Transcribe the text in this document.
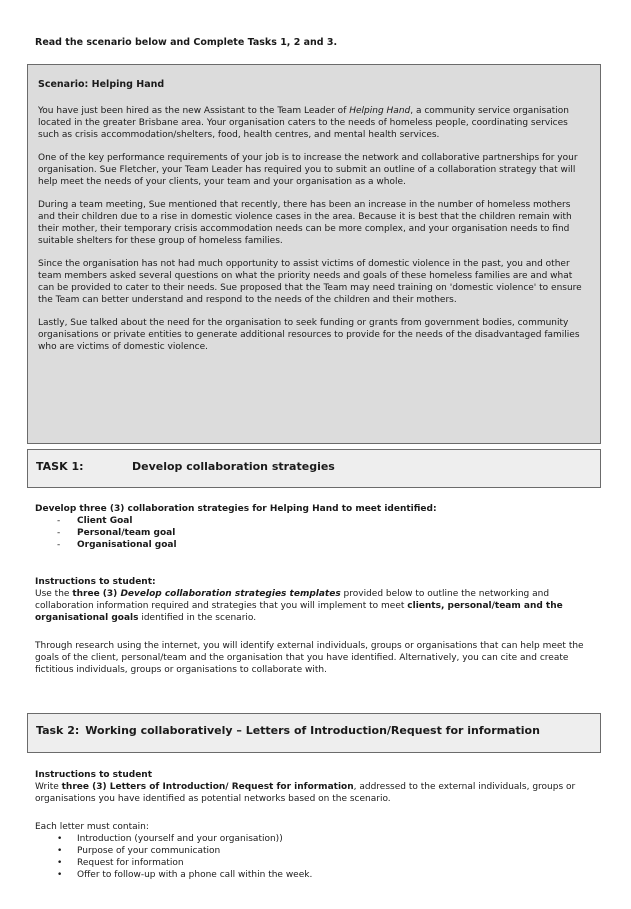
Read the scenario below and Complete Tasks 1, 2 and 3.
Scenario: Helping Hand

You have just been hired as the new Assistant to the Team Leader of Helping Hand, a community service organisation located in the greater Brisbane area. Your organisation caters to the needs of homeless people, coordinating services such as crisis accommodation/shelters, food, health centres, and mental health services.

One of the key performance requirements of your job is to increase the network and collaborative partnerships for your organisation. Sue Fletcher, your Team Leader has required you to submit an outline of a collaboration strategy that will help meet the needs of your clients, your team and your organisation as a whole.

During a team meeting, Sue mentioned that recently, there has been an increase in the number of homeless mothers and their children due to a rise in domestic violence cases in the area. Because it is best that the children remain with their mother, their temporary crisis accommodation needs can be more complex, and your organisation needs to find suitable shelters for these group of homeless families.

Since the organisation has not had much opportunity to assist victims of domestic violence in the past, you and other team members asked several questions on what the priority needs and goals of these homeless families are and what can be provided to cater to their needs. Sue proposed that the Team may need training on 'domestic violence' to ensure the Team can better understand and respond to the needs of the children and their mothers.

Lastly, Sue talked about the need for the organisation to seek funding or grants from government bodies, community organisations or private entities to generate additional resources to provide for the needs of the disadvantaged families who are victims of domestic violence.

TASK 1:	Develop collaboration strategies
Develop three (3) collaboration strategies for Helping Hand to meet identified:
- Client Goal
- Personal/team goal
- Organisational goal
Instructions to student:
Use the three (3) Develop collaboration strategies templates provided below to outline the networking and collaboration information required and strategies that you will implement to meet clients, personal/team and the organisational goals identified in the scenario.
Through research using the internet, you will identify external individuals, groups or organisations that can help meet the goals of the client, personal/team and the organisation that you have identified. Alternatively, you can cite and create fictitious individuals, groups or organisations to collaborate with.
Task 2: Working collaboratively – Letters of Introduction/Request for information
Instructions to student
Write three (3) Letters of Introduction/ Request for information, addressed to the external individuals, groups or organisations you have identified as potential networks based on the scenario.
Each letter must contain:
• Introduction (yourself and your organisation))
• Purpose of your communication
• Request for information
• Offer to follow-up with a phone call within the week.
